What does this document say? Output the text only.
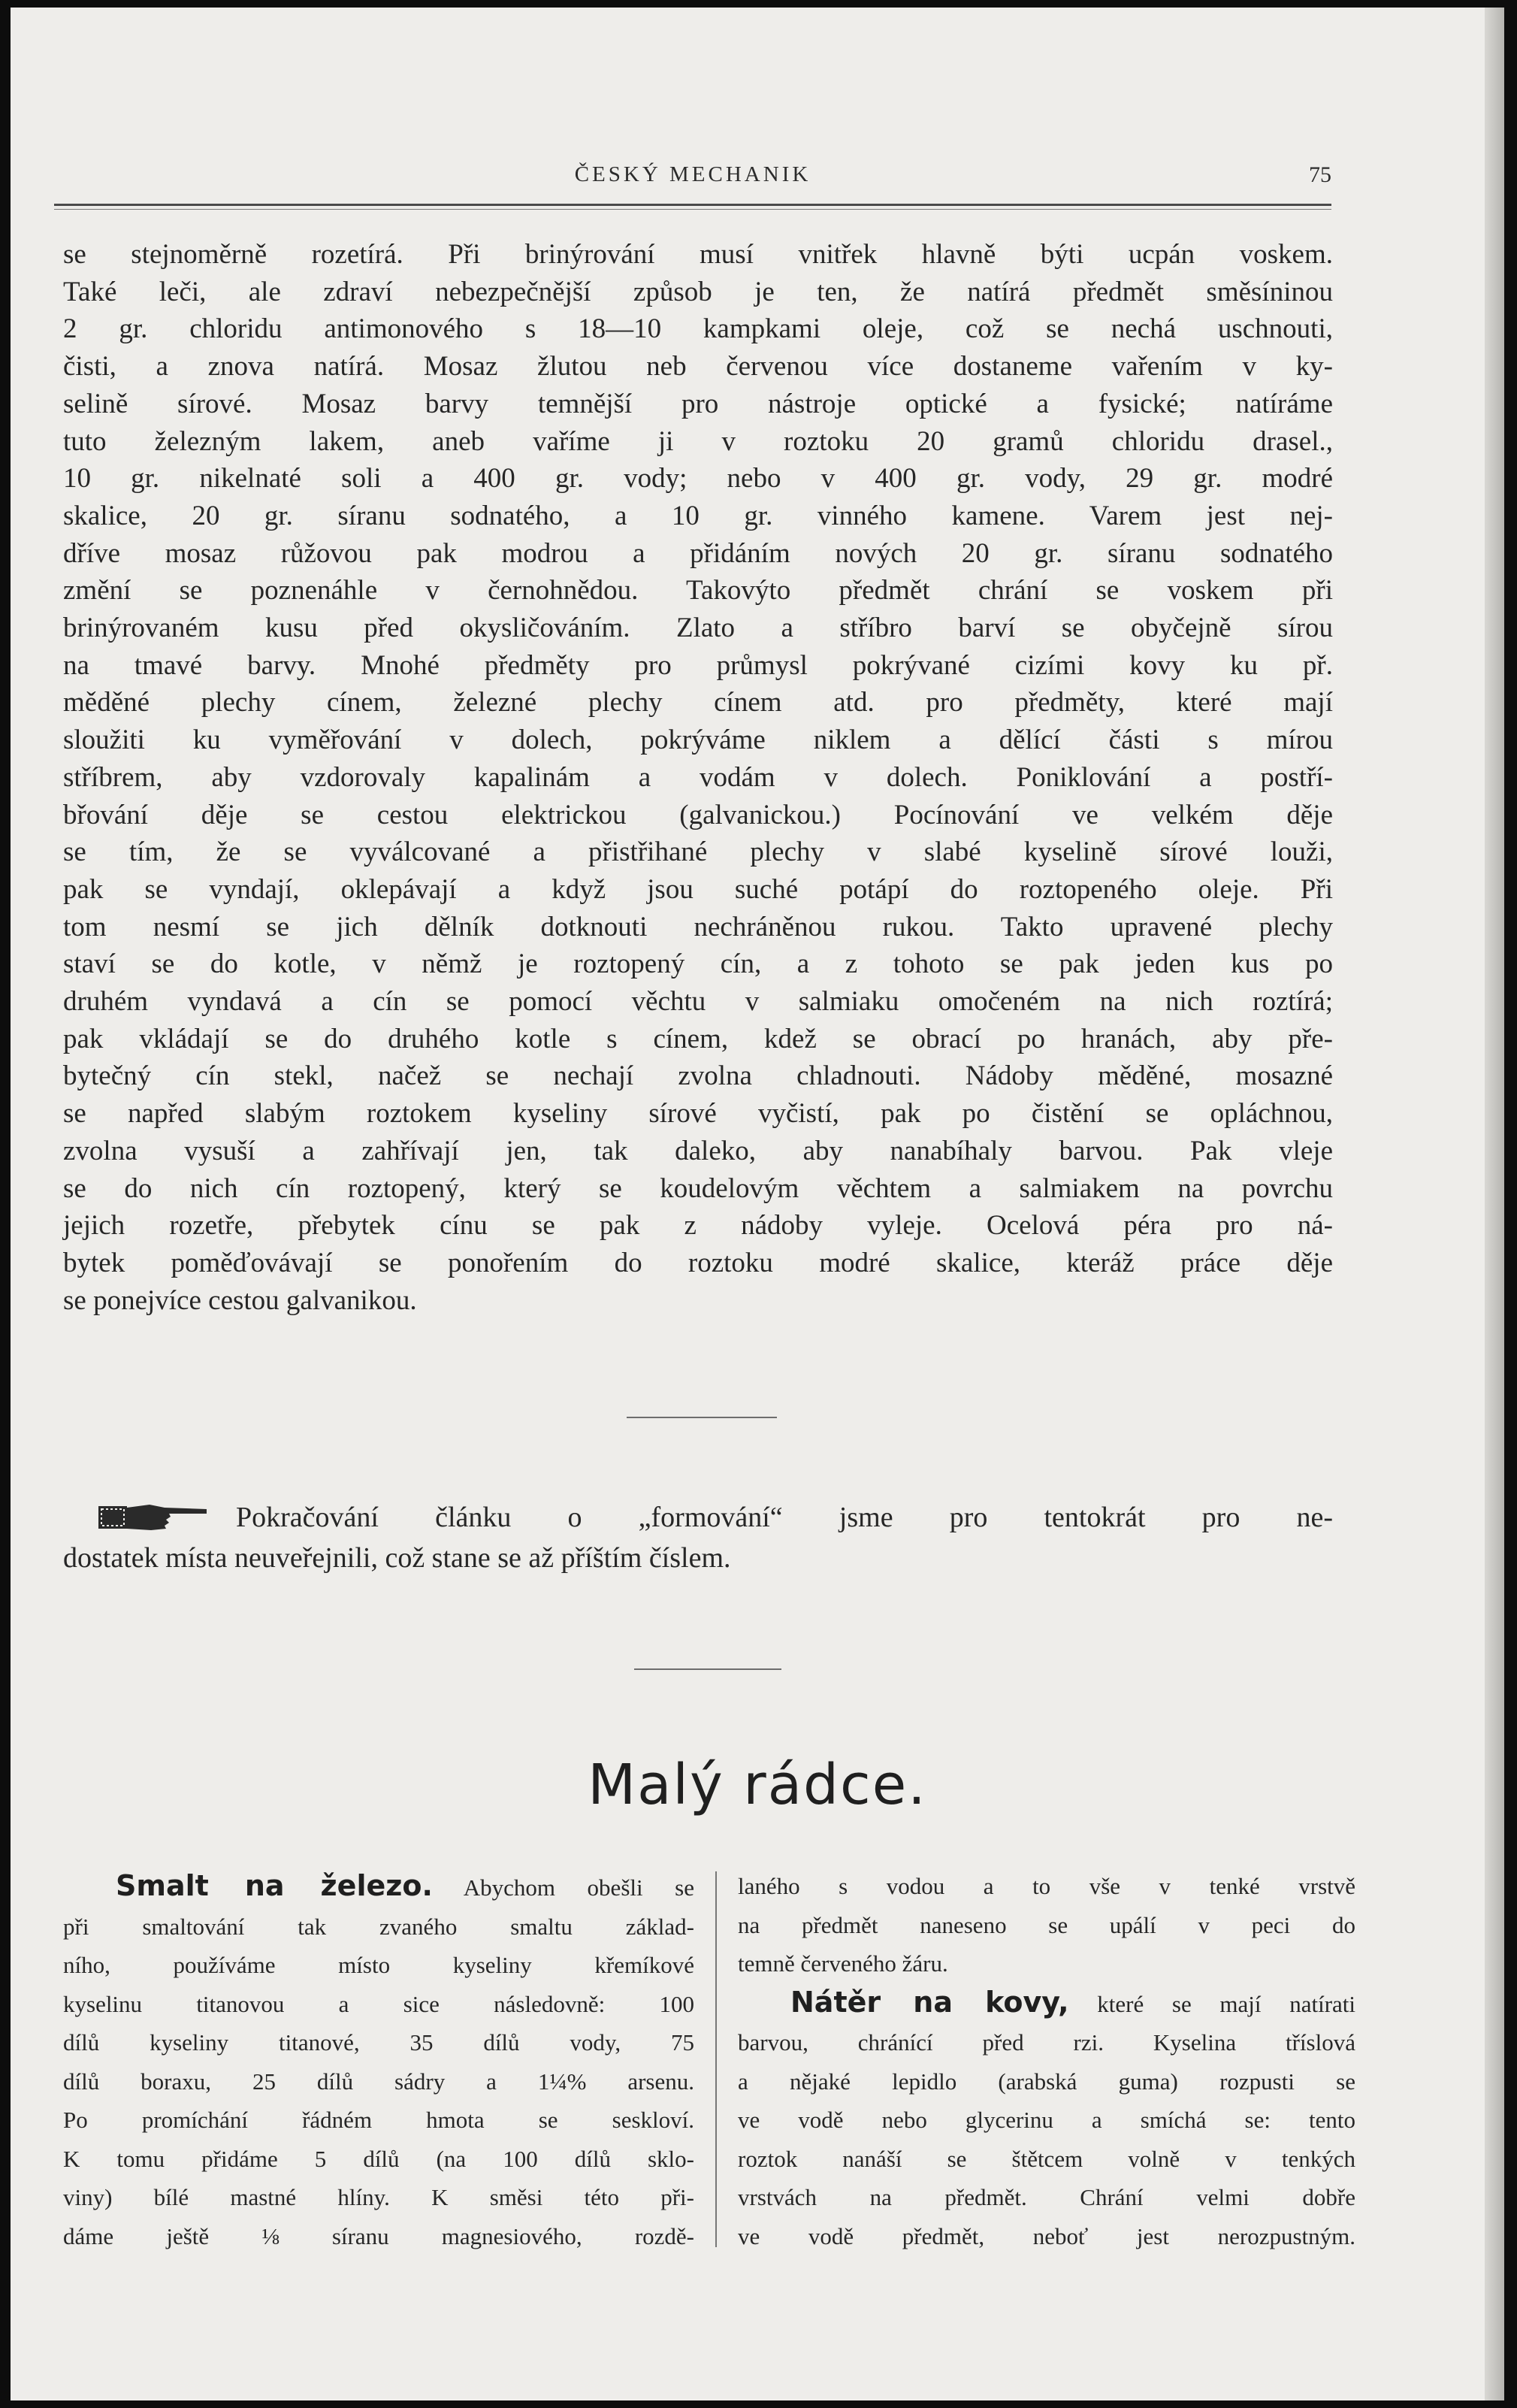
ČESKÝ MECHANIK	75
se stejnoměrně rozetírá. Při brinýrování musí vnitřek hlavně býti ucpán voskem.
Také leči, ale zdraví nebezpečnější způsob je ten, že natírá předmět směsíninou
2 gr. chloridu antimonového s 18—10 kampkami oleje, což se nechá uschnouti,
čisti, a znova natírá. Mosaz žlutou neb červenou více dostaneme vařením v ky-
selině sírové. Mosaz barvy temnější pro nástroje optické a fysické; natíráme
tuto železným lakem, aneb vaříme ji v roztoku 20 gramů chloridu drasel.,
10 gr. nikelnaté soli a 400 gr. vody; nebo v 400 gr. vody, 29 gr. modré
skalice, 20 gr. síranu sodnatého, a 10 gr. vinného kamene. Varem jest nej-
dříve mosaz růžovou pak modrou a přidáním nových 20 gr. síranu sodnatého
změní se poznenáhle v černohnědou. Takovýto předmět chrání se voskem při
brinýrovaném kusu před okysličováním. Zlato a stříbro barví se obyčejně sírou
na tmavé barvy. Mnohé předměty pro průmysl pokrývané cizími kovy ku př.
měděné plechy cínem, železné plechy cínem atd. pro předměty, které mají
sloužiti ku vyměřování v dolech, pokrýváme niklem a dělící části s mírou
stříbrem, aby vzdorovaly kapalinám a vodám v dolech. Poniklování a postří-
břování děje se cestou elektrickou (galvanickou.) Pocínování ve velkém děje
se tím, že se vyválcované a přistřihané plechy v slabé kyselině sírové louži,
pak se vyndají, oklepávají a když jsou suché potápí do roztopeného oleje. Při
tom nesmí se jich dělník dotknouti nechráněnou rukou. Takto upravené plechy
staví se do kotle, v němž je roztopený cín, a z tohoto se pak jeden kus po
druhém vyndavá a cín se pomocí věchtu v salmiaku omočeném na nich roztírá;
pak vkládají se do druhého kotle s cínem, kdež se obrací po hranách, aby pře-
bytečný cín stekl, načež se nechají zvolna chladnouti. Nádoby měděné, mosazné
se napřed slabým roztokem kyseliny sírové vyčistí, pak po čistění se opláchnou,
zvolna vysuší a zahřívají jen, tak daleko, aby nanabíhaly barvou. Pak vleje
se do nich cín roztopený, který se koudelovým věchtem a salmiakem na povrchu
jejich rozetře, přebytek cínu se pak z nádoby vyleje. Ocelová péra pro ná-
bytek poměďovávají se ponořením do roztoku modré skalice, kteráž práce děje
se ponejvíce cestou galvanikou.
Pokračování článku o „formování“ jsme pro tentokrát pro ne-
dostatek místa neuveřejnili, což stane se až příštím číslem.
Malý rádce.
Smalt na železo. Abychom obešli se
při smaltování tak zvaného smaltu základ-
ního, používáme místo kyseliny křemíkové
kyselinu titanovou a sice následovně: 100
dílů kyseliny titanové, 35 dílů vody, 75
dílů boraxu, 25 dílů sádry a 1¼% arsenu.
Po promíchání řádném hmota se seskloví.
K tomu přidáme 5 dílů (na 100 dílů sklo-
viny) bílé mastné hlíny. K směsi této při-
dáme ještě ⅛ síranu magnesiového, rozdě-
laného s vodou a to vše v tenké vrstvě
na předmět naneseno se upálí v peci do
temně červeného žáru.
Nátěr na kovy, které se mají natírati
barvou, chránící před rzi. Kyselina tříslová
a nějaké lepidlo (arabská guma) rozpusti se
ve vodě nebo glycerinu a smíchá se: tento
roztok nanáší se štětcem volně v tenkých
vrstvách na předmět. Chrání velmi dobře
ve vodě předmět, neboť jest nerozpustným.
